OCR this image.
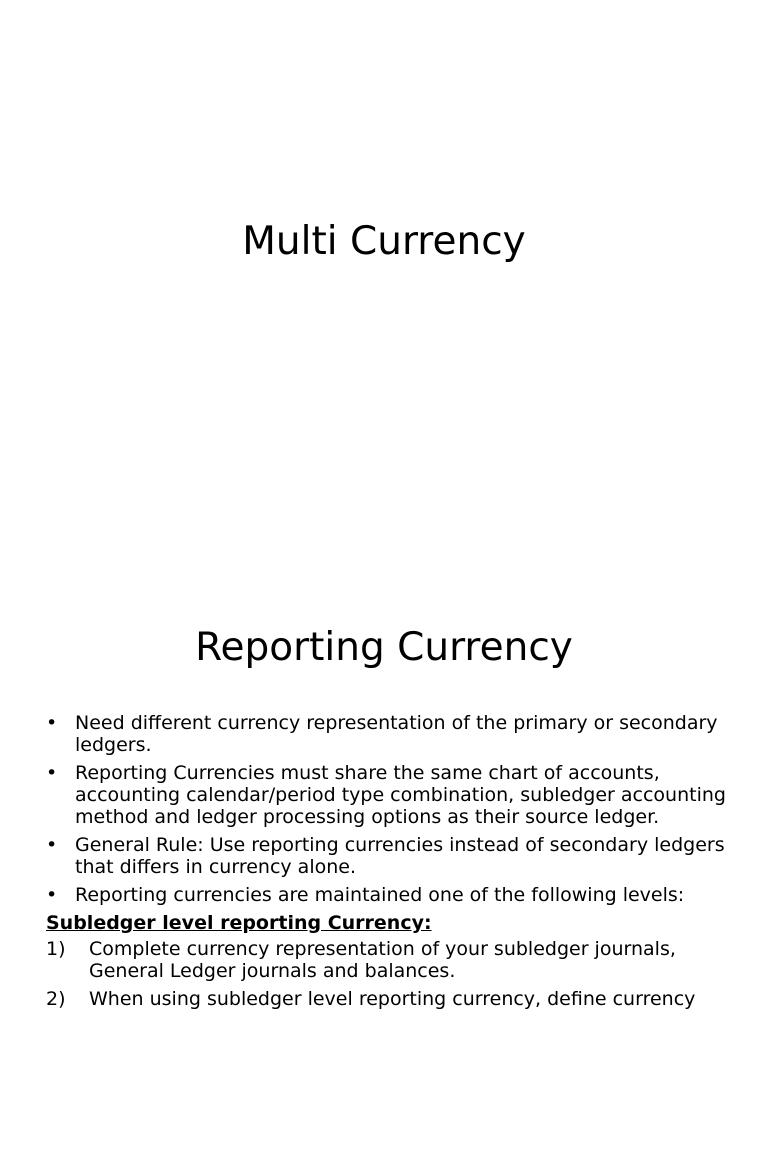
Multi Currency
Reporting Currency
• Need different currency representation of the primary or secondary ledgers.
• Reporting Currencies must share the same chart of accounts, accounting calendar/period type combination, subledger accounting method and ledger processing options as their source ledger.
• General Rule: Use reporting currencies instead of secondary ledgers that differs in currency alone.
• Reporting currencies are maintained one of the following levels:
Subledger level reporting Currency:
1) Complete currency representation of your subledger journals, General Ledger journals and balances.
2) When using subledger level reporting currency, define currency
